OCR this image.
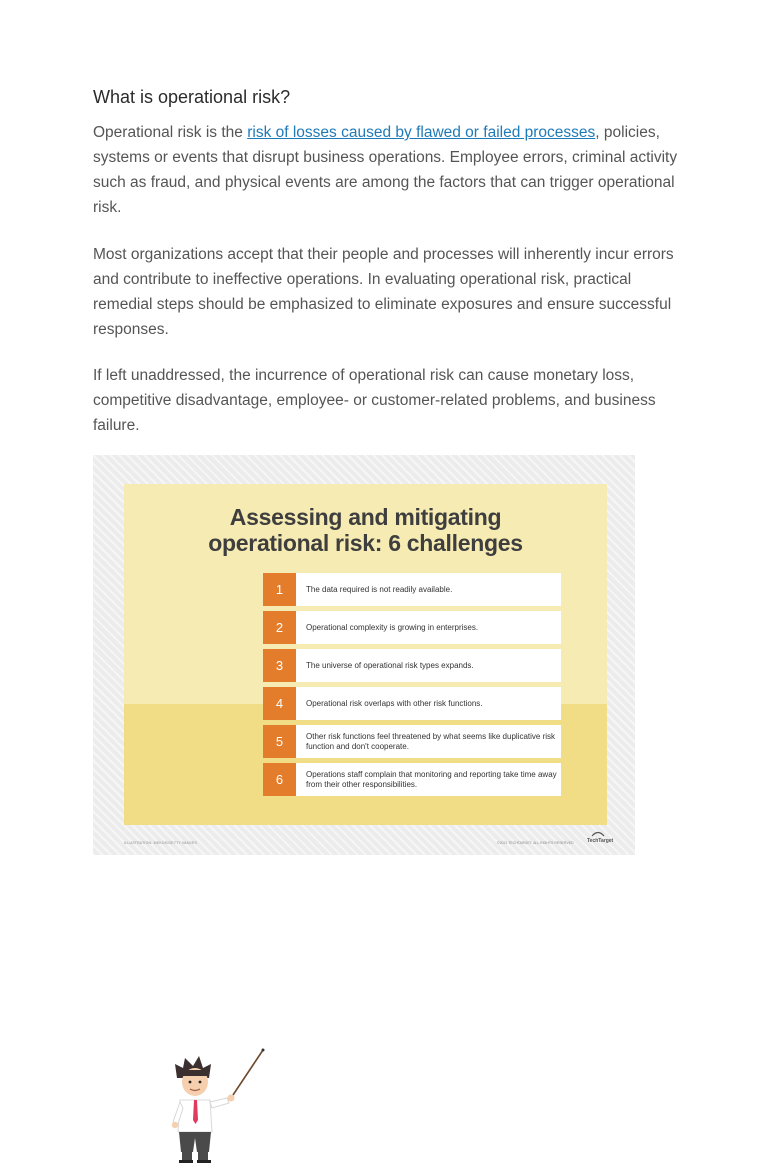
What is operational risk?

Operational risk is the risk of losses caused by flawed or failed processes, policies, systems or events that disrupt business operations. Employee errors, criminal activity such as fraud, and physical events are among the factors that can trigger operational risk.

Most organizations accept that their people and processes will inherently incur errors and contribute to ineffective operations. In evaluating operational risk, practical remedial steps should be emphasized to eliminate exposures and ensure successful responses.

If left unaddressed, the incurrence of operational risk can cause monetary loss, competitive disadvantage, employee- or customer-related problems, and business failure.

Assessing and mitigating
operational risk: 6 challenges
1	The data required is not readily available.
2	Operational complexity is growing in enterprises.
3	The universe of operational risk types expands.
4	Operational risk overlaps with other risk functions.
5	Other risk functions feel threatened by what seems like duplicative risk function and don't cooperate.
6	Operations staff complain that monitoring and reporting take time away from their other responsibilities.
ILLUSTRATION: MEKOS/GETTY IMAGES	©2021 TECHTARGET. ALL RIGHTS RESERVED	TechTarget
